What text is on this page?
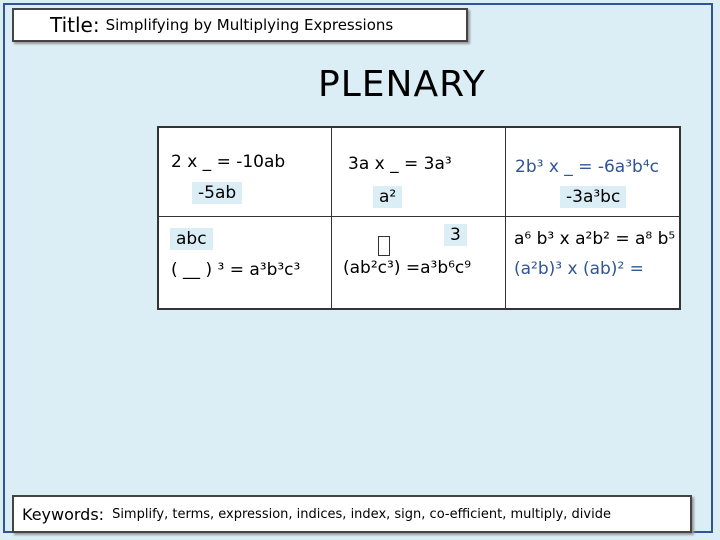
Title: Simplifying by Multiplying Expressions
PLENARY
2 x _ = -10ab
-5ab
3a x _ = 3a³
a²
2b³ x _ = -6a³b⁴c
-3a³bc
abc
( __ ) ³ = a³b³c³
3
(ab²c³) =a³b⁶c⁹
a⁶ b³ x a²b² = a⁸ b⁵
(a²b)³ x (ab)² =
Keywords: Simplify, terms, expression, indices, index, sign, co-efficient, multiply, divide
